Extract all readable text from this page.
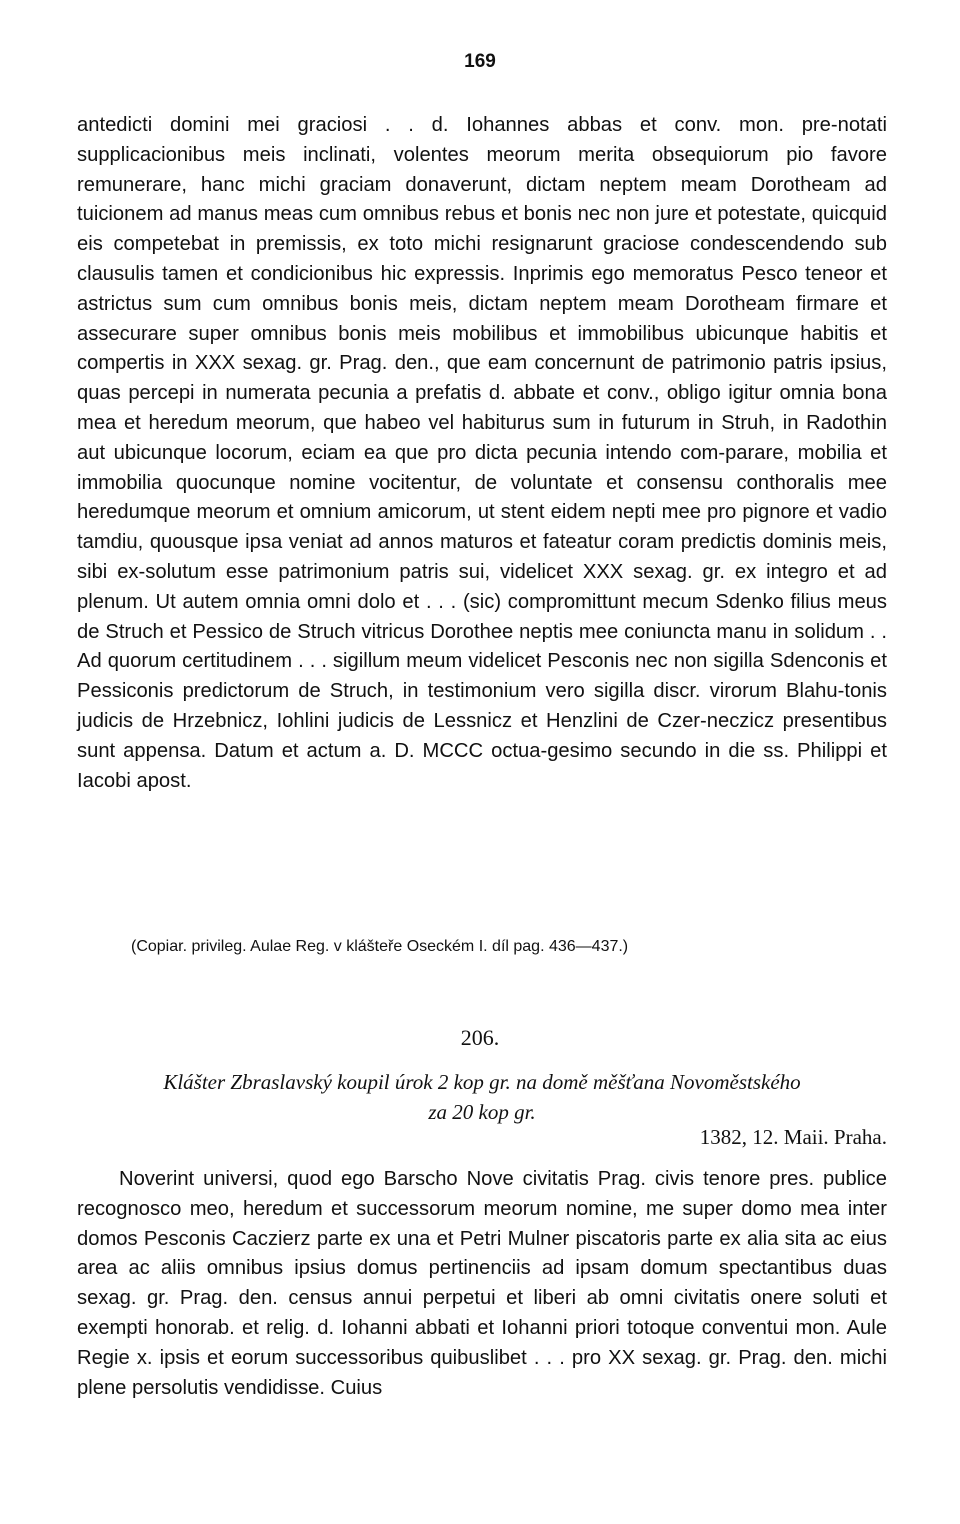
169

antedicti domini mei graciosi . . d. Iohannes abbas et conv. mon. pre-notati supplicacionibus meis inclinati, volentes meorum merita obsequiorum pio favore remunerare, hanc michi graciam donaverunt, dictam neptem meam Dorotheam ad tuicionem ad manus meas cum omnibus rebus et bonis nec non jure et potestate, quicquid eis competebat in premissis, ex toto michi resignarunt graciose condescendendo sub clausulis tamen et condicionibus hic expressis. Inprimis ego memoratus Pesco teneor et astrictus sum cum omnibus bonis meis, dictam neptem meam Dorotheam firmare et assecurare super omnibus bonis meis mobilibus et immobilibus ubicunque habitis et compertis in XXX sexag. gr. Prag. den., que eam concernunt de patrimonio patris ipsius, quas percepi in numerata pecunia a prefatis d. abbate et conv., obligo igitur omnia bona mea et heredum meorum, que habeo vel habiturus sum in futurum in Struh, in Radothin aut ubicunque locorum, eciam ea que pro dicta pecunia intendo com-parare, mobilia et immobilia quocunque nomine vocitentur, de voluntate et consensu conthoralis mee heredumque meorum et omnium amicorum, ut stent eidem nepti mee pro pignore et vadio tamdiu, quousque ipsa veniat ad annos maturos et fateatur coram predictis dominis meis, sibi ex-solutum esse patrimonium patris sui, videlicet XXX sexag. gr. ex integro et ad plenum. Ut autem omnia omni dolo et . . . (sic) compromittunt mecum Sdenko filius meus de Struch et Pessico de Struch vitricus Dorothee neptis mee coniuncta manu in solidum . . Ad quorum certitudinem . . . sigillum meum videlicet Pesconis nec non sigilla Sdenconis et Pessiconis predictorum de Struch, in testimonium vero sigilla discr. virorum Blahu-tonis judicis de Hrzebnicz, Iohlini judicis de Lessnicz et Henzlini de Czer-neczicz presentibus sunt appensa. Datum et actum a. D. MCCC octua-gesimo secundo in die ss. Philippi et Iacobi apost.

(Copiar. privileg. Aulae Reg. v klášteře Oseckém I. díl pag. 436—437.)

206.
Klášter Zbraslavský koupil úrok 2 kop gr. na domě měšťana Novoměstského
za 20 kop gr.
1382, 12. Maii. Praha.

Noverint universi, quod ego Barscho Nove civitatis Prag. civis tenore pres. publice recognosco meo, heredum et successorum meorum nomine, me super domo mea inter domos Pesconis Caczierz parte ex una et Petri Mulner piscatoris parte ex alia sita ac eius area ac aliis omnibus ipsius domus pertinenciis ad ipsam domum spectantibus duas sexag. gr. Prag. den. census annui perpetui et liberi ab omni civitatis onere soluti et exempti honorab. et relig. d. Iohanni abbati et Iohanni priori totoque conventui mon. Aule Regie x. ipsis et eorum successoribus quibuslibet . . . pro XX sexag. gr. Prag. den. michi plene persolutis vendidisse. Cuius
